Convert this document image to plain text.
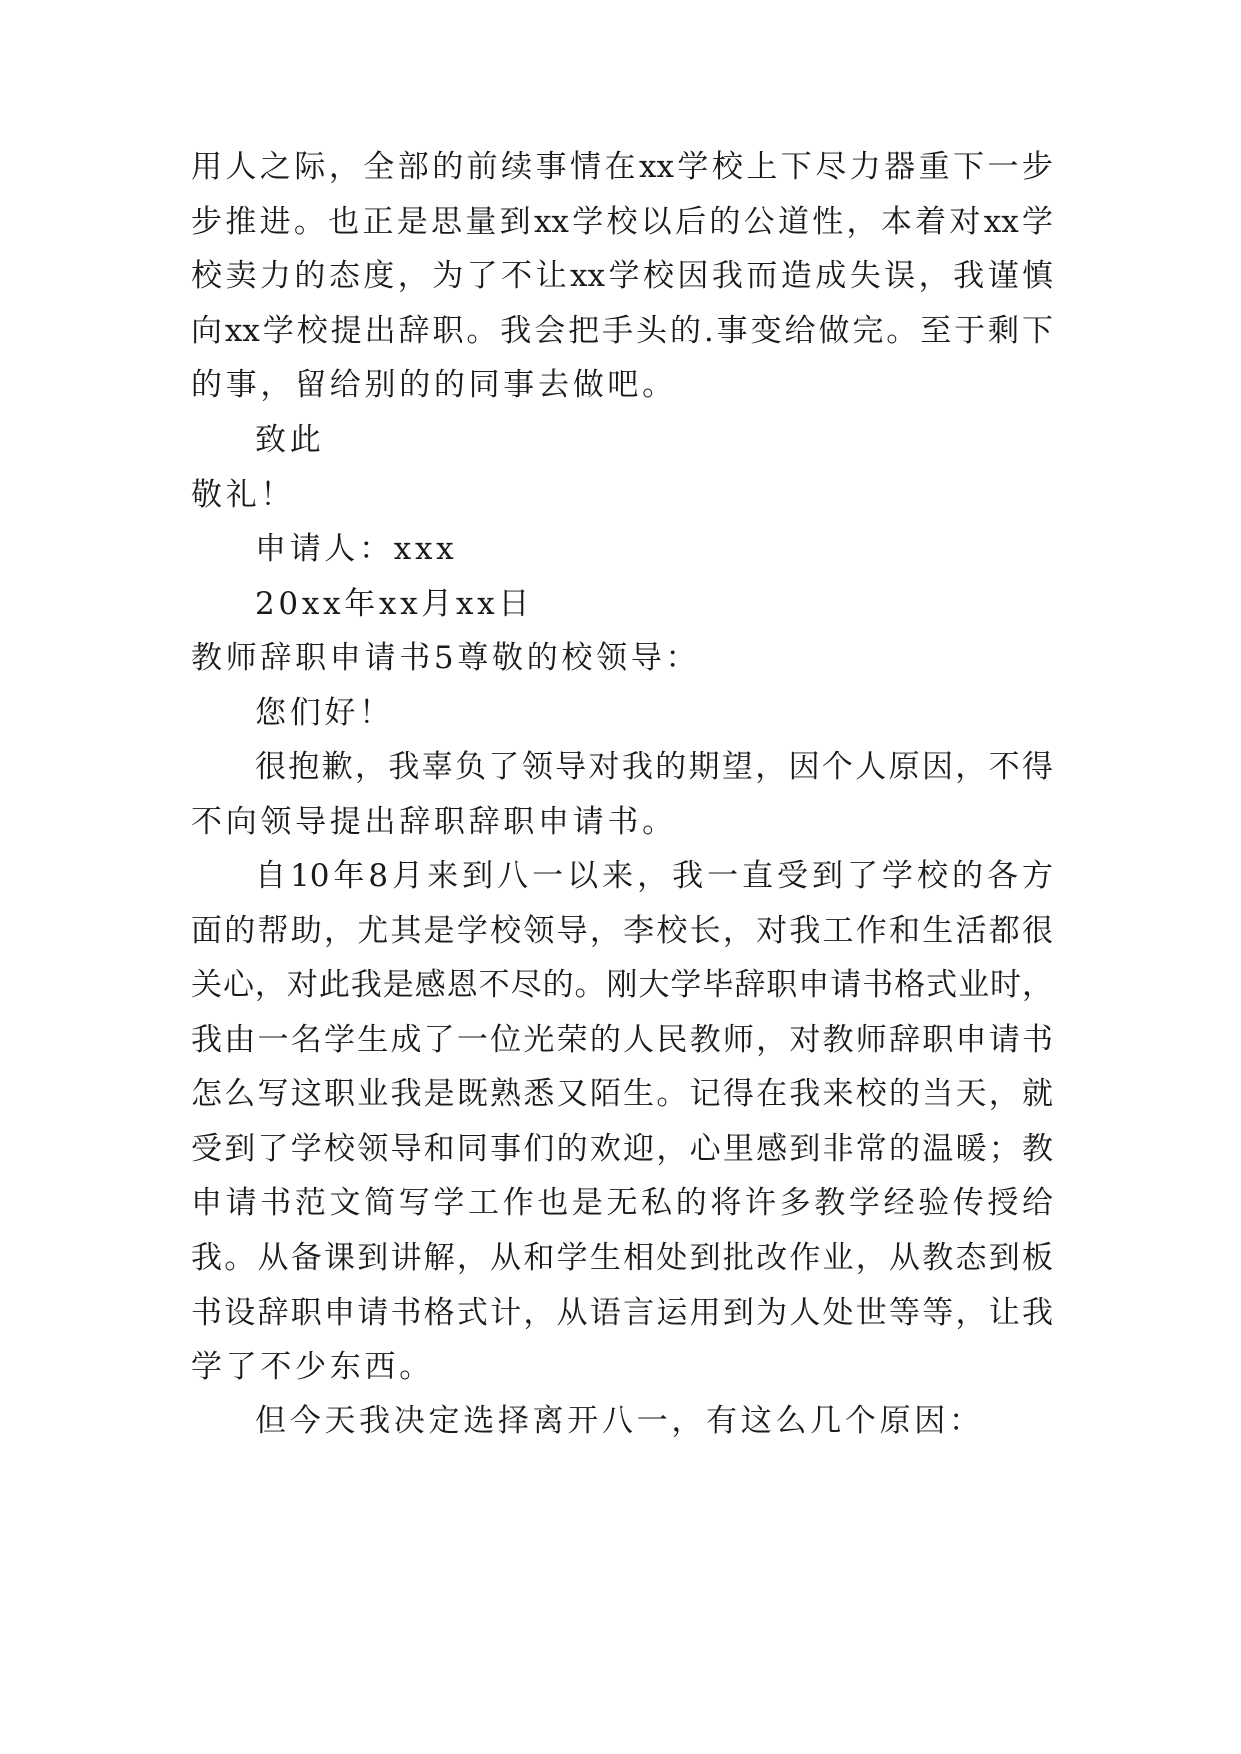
用人之际，全部的前续事情在xx学校上下尽力器重下一步
步推进。也正是思量到xx学校以后的公道性，本着对xx学
校卖力的态度，为了不让xx学校因我而造成失误，我谨慎
向xx学校提出辞职。我会把手头的.事变给做完。至于剩下
的事，留给别的的同事去做吧。
致此
敬礼！
申请人：xxx
20xx年xx月xx日
教师辞职申请书5尊敬的校领导：
您们好！
很抱歉，我辜负了领导对我的期望，因个人原因，不得
不向领导提出辞职辞职申请书。
自10年8月来到八一以来，我一直受到了学校的各方
面的帮助，尤其是学校领导，李校长，对我工作和生活都很
关心，对此我是感恩不尽的。刚大学毕辞职申请书格式业时，
我由一名学生成了一位光荣的人民教师，对教师辞职申请书
怎么写这职业我是既熟悉又陌生。记得在我来校的当天，就
受到了学校领导和同事们的欢迎，心里感到非常的温暖；教
申请书范文简写学工作也是无私的将许多教学经验传授给
我。从备课到讲解，从和学生相处到批改作业，从教态到板
书设辞职申请书格式计，从语言运用到为人处世等等，让我
学了不少东西。
但今天我决定选择离开八一，有这么几个原因：
